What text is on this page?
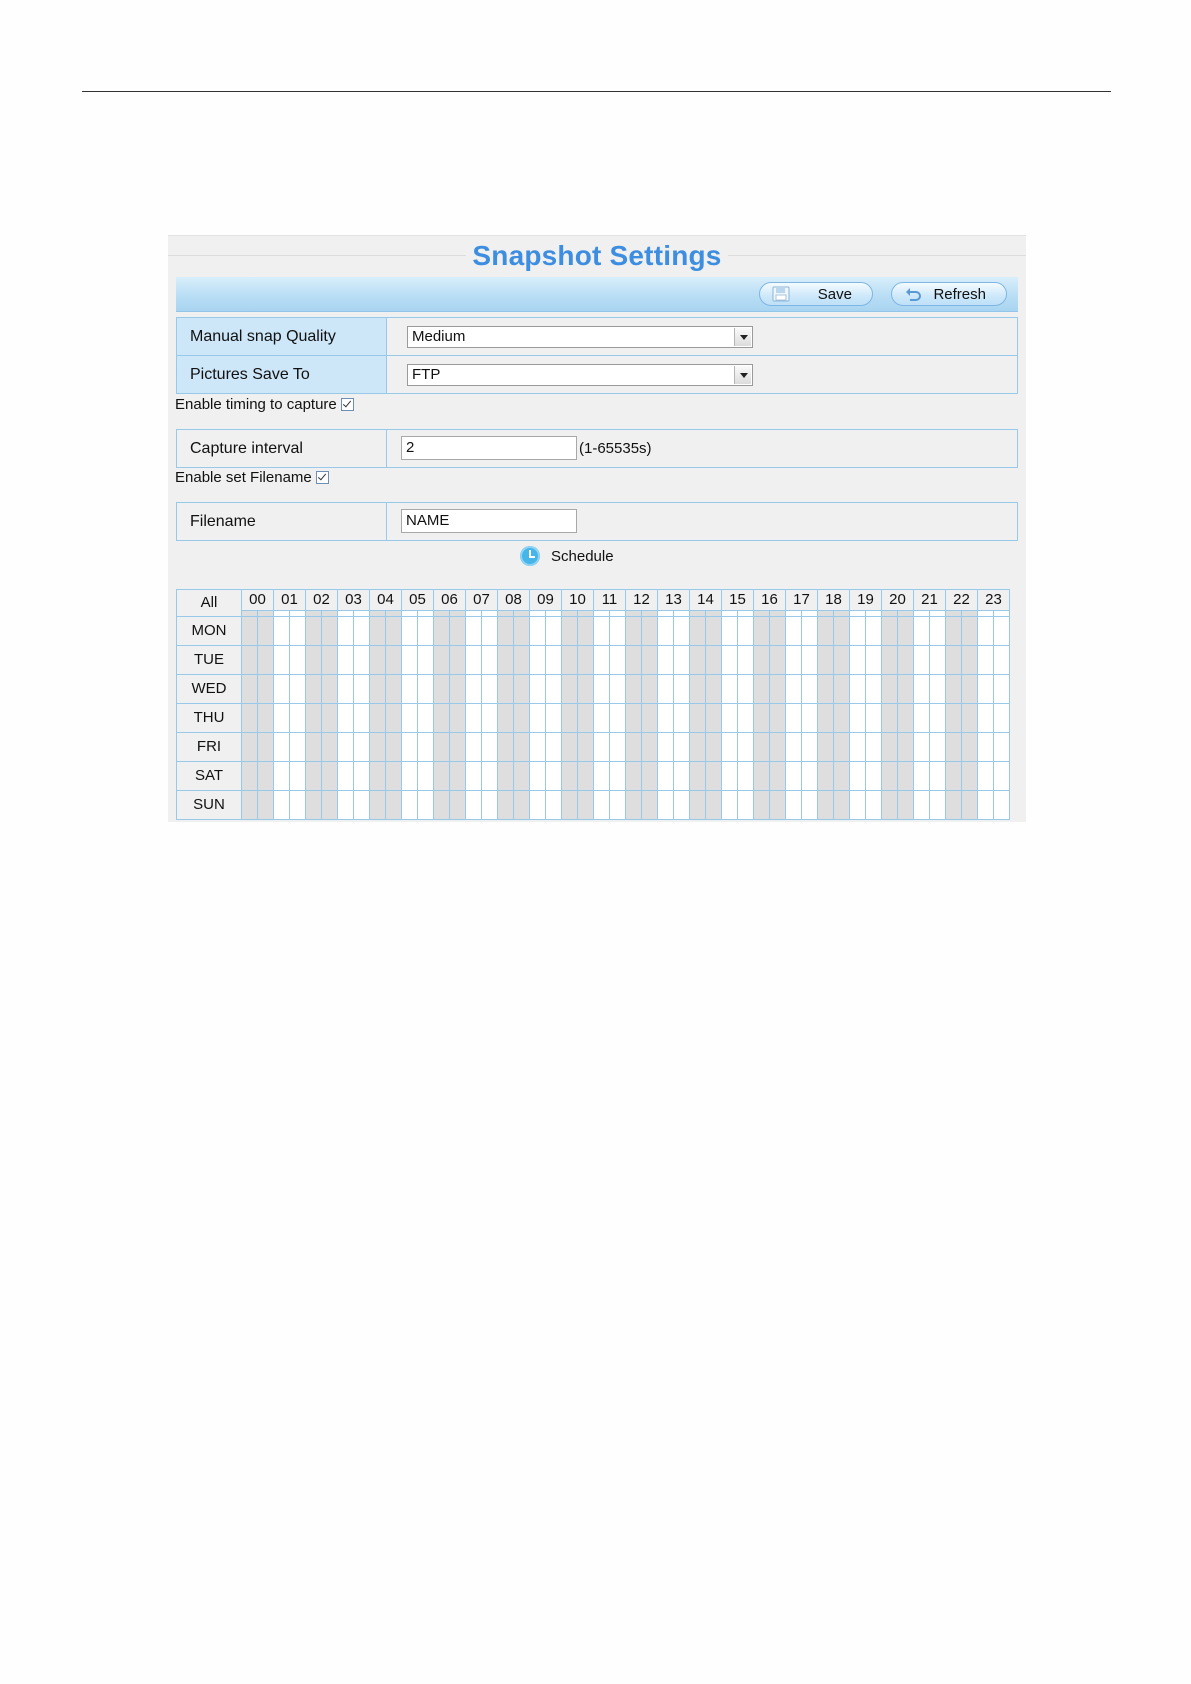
Snapshot Settings
Save	Refresh
Manual snap Quality	Medium
Pictures Save To	FTP
Enable timing to capture
Capture interval	2	(1-65535s)
Enable set Filename
Filename	NAME
Schedule
All	00		01		02		03		04		05		06		07		08		09		10		11		12		13		14		15		16		17		18		19		20		21		22		23	

MON																																																
TUE																																																
WED																																																
THU																																																
FRI																																																
SAT																																																
SUN																																																
